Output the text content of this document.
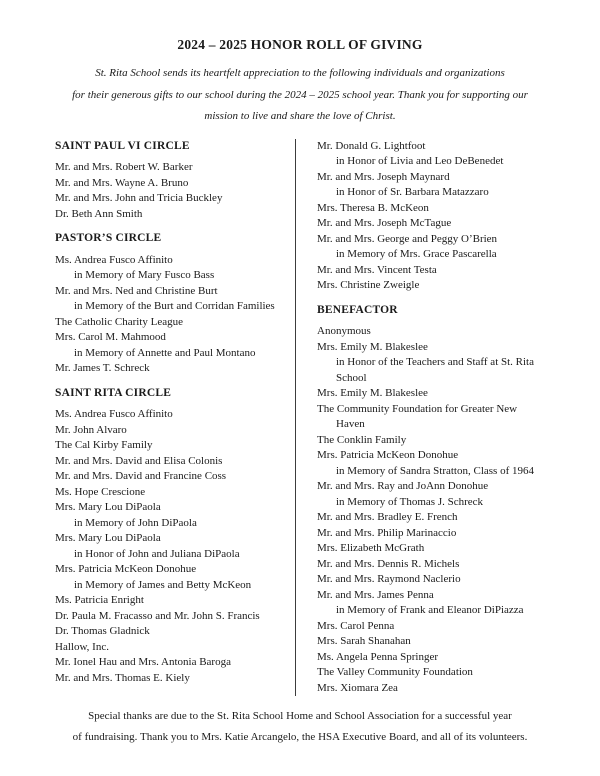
2024 – 2025 HONOR ROLL OF GIVING
St. Rita School sends its heartfelt appreciation to the following individuals and organizations
for their generous gifts to our school during the 2024 – 2025 school year. Thank you for supporting our
mission to live and share the love of Christ.
SAINT PAUL VI CIRCLE
Mr. and Mrs. Robert W. Barker
Mr. and Mrs. Wayne A. Bruno
Mr. and Mrs. John and Tricia Buckley
Dr. Beth Ann Smith
PASTOR’S CIRCLE
Ms. Andrea Fusco Affinito
in Memory of Mary Fusco Bass
Mr. and Mrs. Ned and Christine Burt
in Memory of the Burt and Corridan Families
The Catholic Charity League
Mrs. Carol M. Mahmood
in Memory of Annette and Paul Montano
Mr. James T. Schreck
SAINT RITA CIRCLE
Ms. Andrea Fusco Affinito
Mr. John Alvaro
The Cal Kirby Family
Mr. and Mrs. David and Elisa Colonis
Mr. and Mrs. David and Francine Coss
Ms. Hope Crescione
Mrs. Mary Lou DiPaola
in Memory of John DiPaola
Mrs. Mary Lou DiPaola
in Honor of John and Juliana DiPaola
Mrs. Patricia McKeon Donohue
in Memory of James and Betty McKeon
Ms. Patricia Enright
Dr. Paula M. Fracasso and Mr. John S. Francis
Dr. Thomas Gladnick
Hallow, Inc.
Mr. Ionel Hau and Mrs. Antonia Baroga
Mr. and Mrs. Thomas E. Kiely
Mr. Donald G. Lightfoot
in Honor of Livia and Leo DeBenedet
Mr. and Mrs. Joseph Maynard
in Honor of Sr. Barbara Matazzaro
Mrs. Theresa B. McKeon
Mr. and Mrs. Joseph McTague
Mr. and Mrs. George and Peggy O’Brien
in Memory of Mrs. Grace Pascarella
Mr. and Mrs. Vincent Testa
Mrs. Christine Zweigle
BENEFACTOR
Anonymous
Mrs. Emily M. Blakeslee
in Honor of the Teachers and Staff at St. Rita School
Mrs. Emily M. Blakeslee
The Community Foundation for Greater New Haven
The Conklin Family
Mrs. Patricia McKeon Donohue
in Memory of Sandra Stratton, Class of 1964
Mr. and Mrs. Ray and JoAnn Donohue
in Memory of Thomas J. Schreck
Mr. and Mrs. Bradley E. French
Mr. and Mrs. Philip Marinaccio
Mrs. Elizabeth McGrath
Mr. and Mrs. Dennis R. Michels
Mr. and Mrs. Raymond Naclerio
Mr. and Mrs. James Penna
in Memory of Frank and Eleanor DiPiazza
Mrs. Carol Penna
Mrs. Sarah Shanahan
Ms. Angela Penna Springer
The Valley Community Foundation
Mrs. Xiomara Zea
Special thanks are due to the St. Rita School Home and School Association for a successful year
of fundraising. Thank you to Mrs. Katie Arcangelo, the HSA Executive Board, and all of its volunteers.
